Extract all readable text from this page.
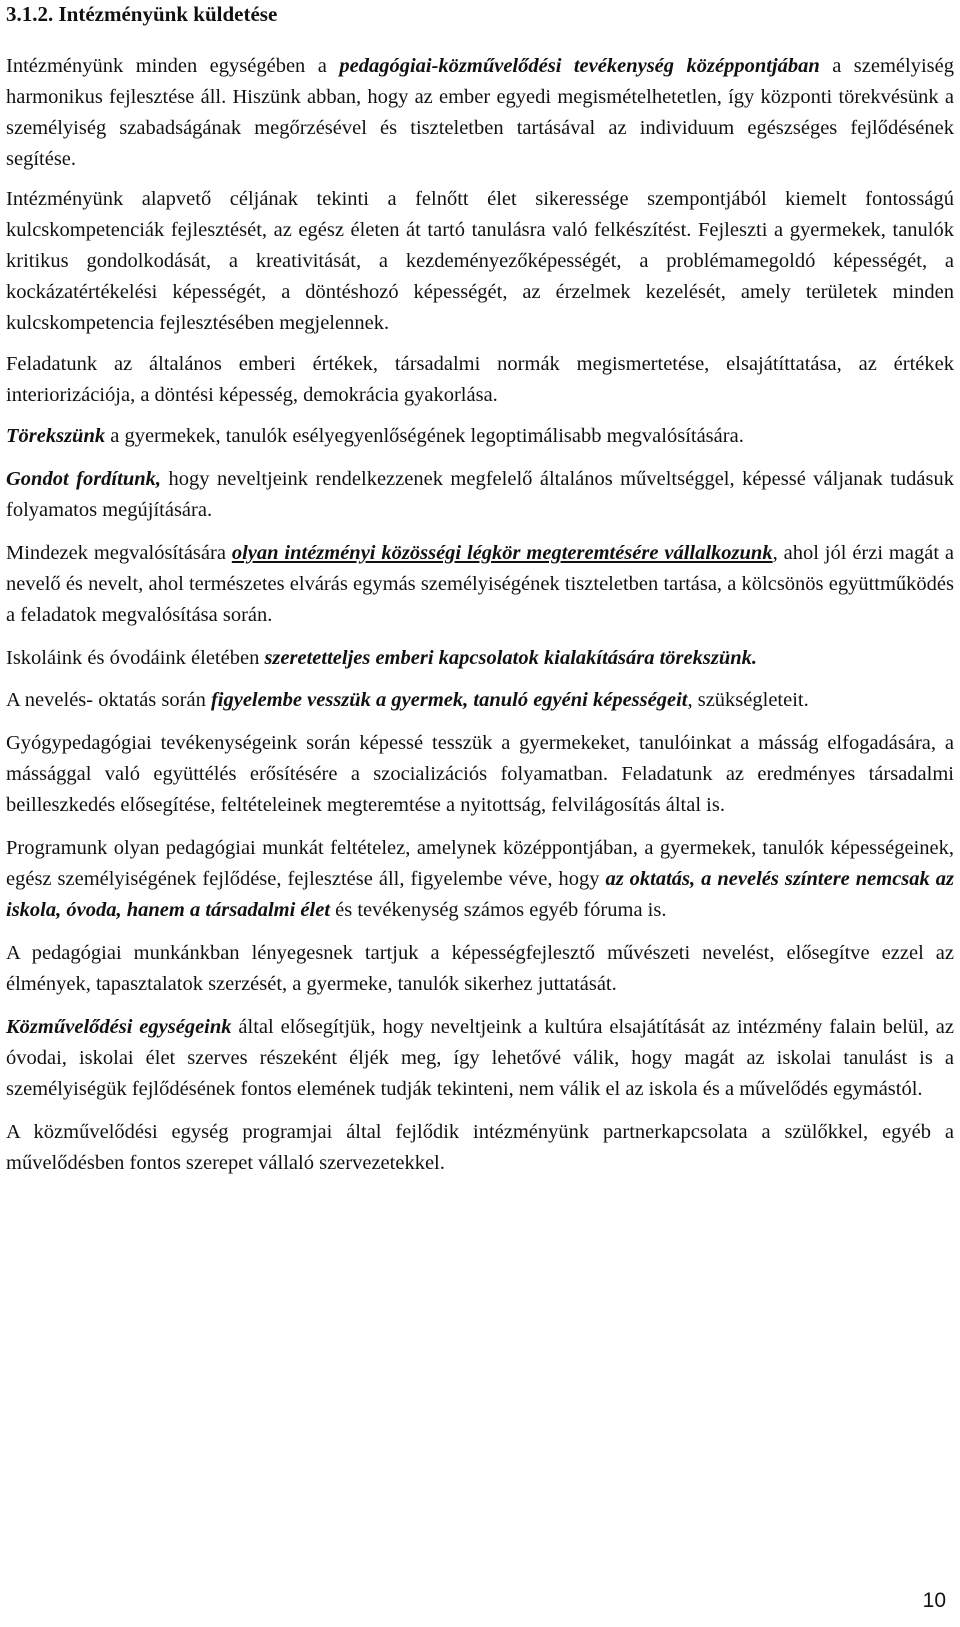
3.1.2. Intézményünk küldetése

Intézményünk minden egységében a pedagógiai-közművelődési tevékenység középpontjában a személyiség harmonikus fejlesztése áll. Hiszünk abban, hogy az ember egyedi megismételhetetlen, így központi törekvésünk a személyiség szabadságának megőrzésével és tiszteletben tartásával az individuum egészséges fejlődésének segítése.

Intézményünk alapvető céljának tekinti a felnőtt élet sikeressége szempontjából kiemelt fontosságú kulcskompetenciák fejlesztését, az egész életen át tartó tanulásra való felkészítést. Fejleszti a gyermekek, tanulók kritikus gondolkodását, a kreativitását, a kezdeményezőképességét, a problémamegoldó képességét, a kockázatértékelési képességét, a döntéshozó képességét, az érzelmek kezelését, amely területek minden kulcskompetencia fejlesztésében megjelennek.

Feladatunk az általános emberi értékek, társadalmi normák megismertetése, elsajátíttatása, az értékek interiorizációja, a döntési képesség, demokrácia gyakorlása.

Törekszünk a gyermekek, tanulók esélyegyenlőségének legoptimálisabb megvalósítására.

Gondot fordítunk, hogy neveltjeink rendelkezzenek megfelelő általános műveltséggel, képessé váljanak tudásuk folyamatos megújítására.

Mindezek megvalósítására olyan intézményi közösségi légkör megteremtésére vállalkozunk, ahol jól érzi magát a nevelő és nevelt, ahol természetes elvárás egymás személyiségének tiszteletben tartása, a kölcsönös együttműködés a feladatok megvalósítása során.

Iskoláink és óvodáink életében szeretetteljes emberi kapcsolatok kialakítására törekszünk.

A nevelés- oktatás során figyelembe vesszük a gyermek, tanuló egyéni képességeit, szükségleteit.

Gyógypedagógiai tevékenységeink során képessé tesszük a gyermekeket, tanulóinkat a másság elfogadására, a mássággal való együttélés erősítésére a szocializációs folyamatban. Feladatunk az eredményes társadalmi beilleszkedés elősegítése, feltételeinek megteremtése a nyitottság, felvilágosítás által is.

Programunk olyan pedagógiai munkát feltételez, amelynek középpontjában, a gyermekek, tanulók képességeinek, egész személyiségének fejlődése, fejlesztése áll, figyelembe véve, hogy az oktatás, a nevelés színtere nemcsak az iskola, óvoda, hanem a társadalmi élet és tevékenység számos egyéb fóruma is.

A pedagógiai munkánkban lényegesnek tartjuk a képességfejlesztő művészeti nevelést, elősegítve ezzel az élmények, tapasztalatok szerzését, a gyermeke, tanulók sikerhez juttatását.

Közművelődési egységeink által elősegítjük, hogy neveltjeink a kultúra elsajátítását az intézmény falain belül, az óvodai, iskolai élet szerves részeként éljék meg, így lehetővé válik, hogy magát az iskolai tanulást is a személyiségük fejlődésének fontos elemének tudják tekinteni, nem válik el az iskola és a művelődés egymástól.

A közművelődési egység programjai által fejlődik intézményünk partnerkapcsolata a szülőkkel, egyéb a művelődésben fontos szerepet vállaló szervezetekkel.

10
